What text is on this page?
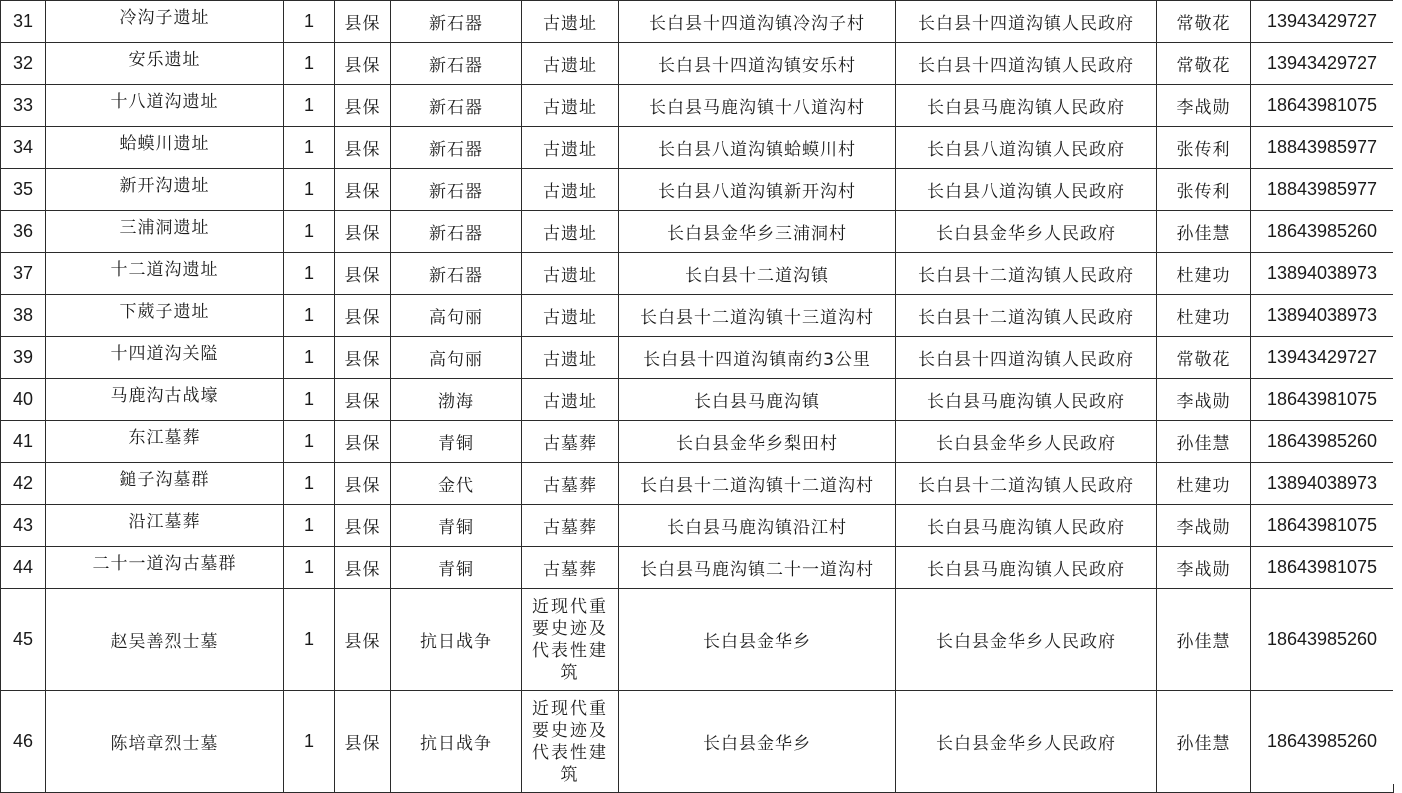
31	冷沟子遗址	1	县保	新石器	古遗址	长白县十四道沟镇冷沟子村	长白县十四道沟镇人民政府	常敬花	13943429727
32	安乐遗址	1	县保	新石器	古遗址	长白县十四道沟镇安乐村	长白县十四道沟镇人民政府	常敬花	13943429727
33	十八道沟遗址	1	县保	新石器	古遗址	长白县马鹿沟镇十八道沟村	长白县马鹿沟镇人民政府	李战勋	18643981075
34	蛤蟆川遗址	1	县保	新石器	古遗址	长白县八道沟镇蛤蟆川村	长白县八道沟镇人民政府	张传利	18843985977
35	新开沟遗址	1	县保	新石器	古遗址	长白县八道沟镇新开沟村	长白县八道沟镇人民政府	张传利	18843985977
36	三浦洞遗址	1	县保	新石器	古遗址	长白县金华乡三浦洞村	长白县金华乡人民政府	孙佳慧	18643985260
37	十二道沟遗址	1	县保	新石器	古遗址	长白县十二道沟镇	长白县十二道沟镇人民政府	杜建功	13894038973
38	下葳子遗址	1	县保	高句丽	古遗址	长白县十二道沟镇十三道沟村	长白县十二道沟镇人民政府	杜建功	13894038973
39	十四道沟关隘	1	县保	高句丽	古遗址	长白县十四道沟镇南约3公里	长白县十四道沟镇人民政府	常敬花	13943429727
40	马鹿沟古战壕	1	县保	渤海	古遗址	长白县马鹿沟镇	长白县马鹿沟镇人民政府	李战勋	18643981075
41	东江墓葬	1	县保	青铜	古墓葬	长白县金华乡梨田村	长白县金华乡人民政府	孙佳慧	18643985260
42	鎚子沟墓群	1	县保	金代	古墓葬	长白县十二道沟镇十二道沟村	长白县十二道沟镇人民政府	杜建功	13894038973
43	沿江墓葬	1	县保	青铜	古墓葬	长白县马鹿沟镇沿江村	长白县马鹿沟镇人民政府	李战勋	18643981075
44	二十一道沟古墓群	1	县保	青铜	古墓葬	长白县马鹿沟镇二十一道沟村	长白县马鹿沟镇人民政府	李战勋	18643981075
45	赵吴善烈士墓	1	县保	抗日战争	近现代重要史迹及代表性建筑	长白县金华乡	长白县金华乡人民政府	孙佳慧	18643985260
46	陈培章烈士墓	1	县保	抗日战争	近现代重要史迹及代表性建筑	长白县金华乡	长白县金华乡人民政府	孙佳慧	18643985260
